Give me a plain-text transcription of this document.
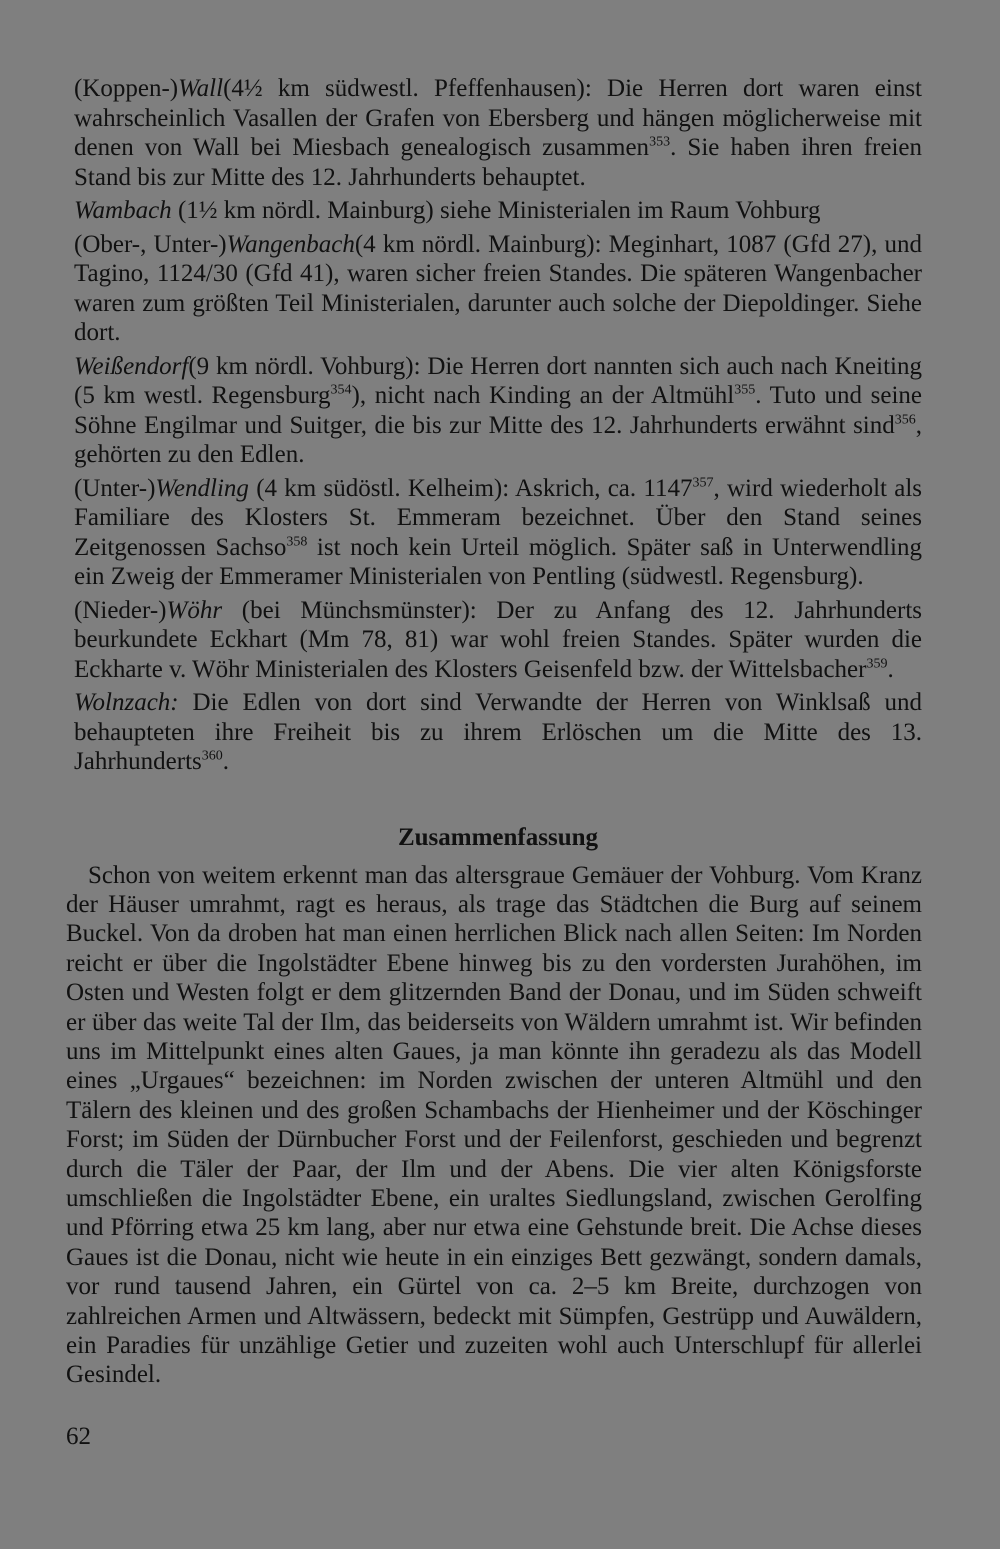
(Koppen-)Wall(4½ km südwestl. Pfeffenhausen): Die Herren dort waren einst wahrscheinlich Vasallen der Grafen von Ebersberg und hängen möglicherweise mit denen von Wall bei Miesbach genealogisch zusammen$^{353}$. Sie haben ihren freien Stand bis zur Mitte des 12. Jahrhunderts behauptet.

Wambach (1½ km nördl. Mainburg) siehe Ministerialen im Raum Vohburg

(Ober-, Unter-)Wangenbach(4 km nördl. Mainburg): Meginhart, 1087 (Gfd 27), und Tagino, 1124/30 (Gfd 41), waren sicher freien Standes. Die späteren Wangenbacher waren zum größten Teil Ministerialen, darunter auch solche der Diepoldinger. Siehe dort.

Weißendorf(9 km nördl. Vohburg): Die Herren dort nannten sich auch nach Kneiting (5 km westl. Regensburg$^{354}$), nicht nach Kinding an der Altmühl$^{355}$. Tuto und seine Söhne Engilmar und Suitger, die bis zur Mitte des 12. Jahrhunderts erwähnt sind$^{356}$, gehörten zu den Edlen.

(Unter-)Wendling (4 km südöstl. Kelheim): Askrich, ca. 1147$^{357}$, wird wiederholt als Familiare des Klosters St. Emmeram bezeichnet. Über den Stand seines Zeitgenossen Sachso$^{358}$ ist noch kein Urteil möglich. Später saß in Unterwendling ein Zweig der Emmeramer Ministerialen von Pentling (südwestl. Regensburg).

(Nieder-)Wöhr (bei Münchsmünster): Der zu Anfang des 12. Jahrhunderts beurkundete Eckhart (Mm 78, 81) war wohl freien Standes. Später wurden die Eckharte v. Wöhr Ministerialen des Klosters Geisenfeld bzw. der Wittelsbacher$^{359}$.

Wolnzach: Die Edlen von dort sind Verwandte der Herren von Winklsaß und behaupteten ihre Freiheit bis zu ihrem Erlöschen um die Mitte des 13. Jahrhunderts$^{360}$.

Zusammenfassung

Schon von weitem erkennt man das altersgraue Gemäuer der Vohburg. Vom Kranz der Häuser umrahmt, ragt es heraus, als trage das Städtchen die Burg auf seinem Buckel. Von da droben hat man einen herrlichen Blick nach allen Seiten: Im Norden reicht er über die Ingolstädter Ebene hinweg bis zu den vordersten Jurahöhen, im Osten und Westen folgt er dem glitzernden Band der Donau, und im Süden schweift er über das weite Tal der Ilm, das beiderseits von Wäldern umrahmt ist. Wir befinden uns im Mittelpunkt eines alten Gaues, ja man könnte ihn geradezu als das Modell eines „Urgaues“ bezeichnen: im Norden zwischen der unteren Altmühl und den Tälern des kleinen und des großen Schambachs der Hienheimer und der Köschinger Forst; im Süden der Dürnbucher Forst und der Feilenforst, geschieden und begrenzt durch die Täler der Paar, der Ilm und der Abens. Die vier alten Königsforste umschließen die Ingolstädter Ebene, ein uraltes Siedlungsland, zwischen Gerolfing und Pförring etwa 25 km lang, aber nur etwa eine Gehstunde breit. Die Achse dieses Gaues ist die Donau, nicht wie heute in ein einziges Bett gezwängt, sondern damals, vor rund tausend Jahren, ein Gürtel von ca. 2–5 km Breite, durchzogen von zahlreichen Armen und Altwässern, bedeckt mit Sümpfen, Gestrüpp und Auwäldern, ein Paradies für unzählige Getier und zuzeiten wohl auch Unterschlupf für allerlei Gesindel.

62
